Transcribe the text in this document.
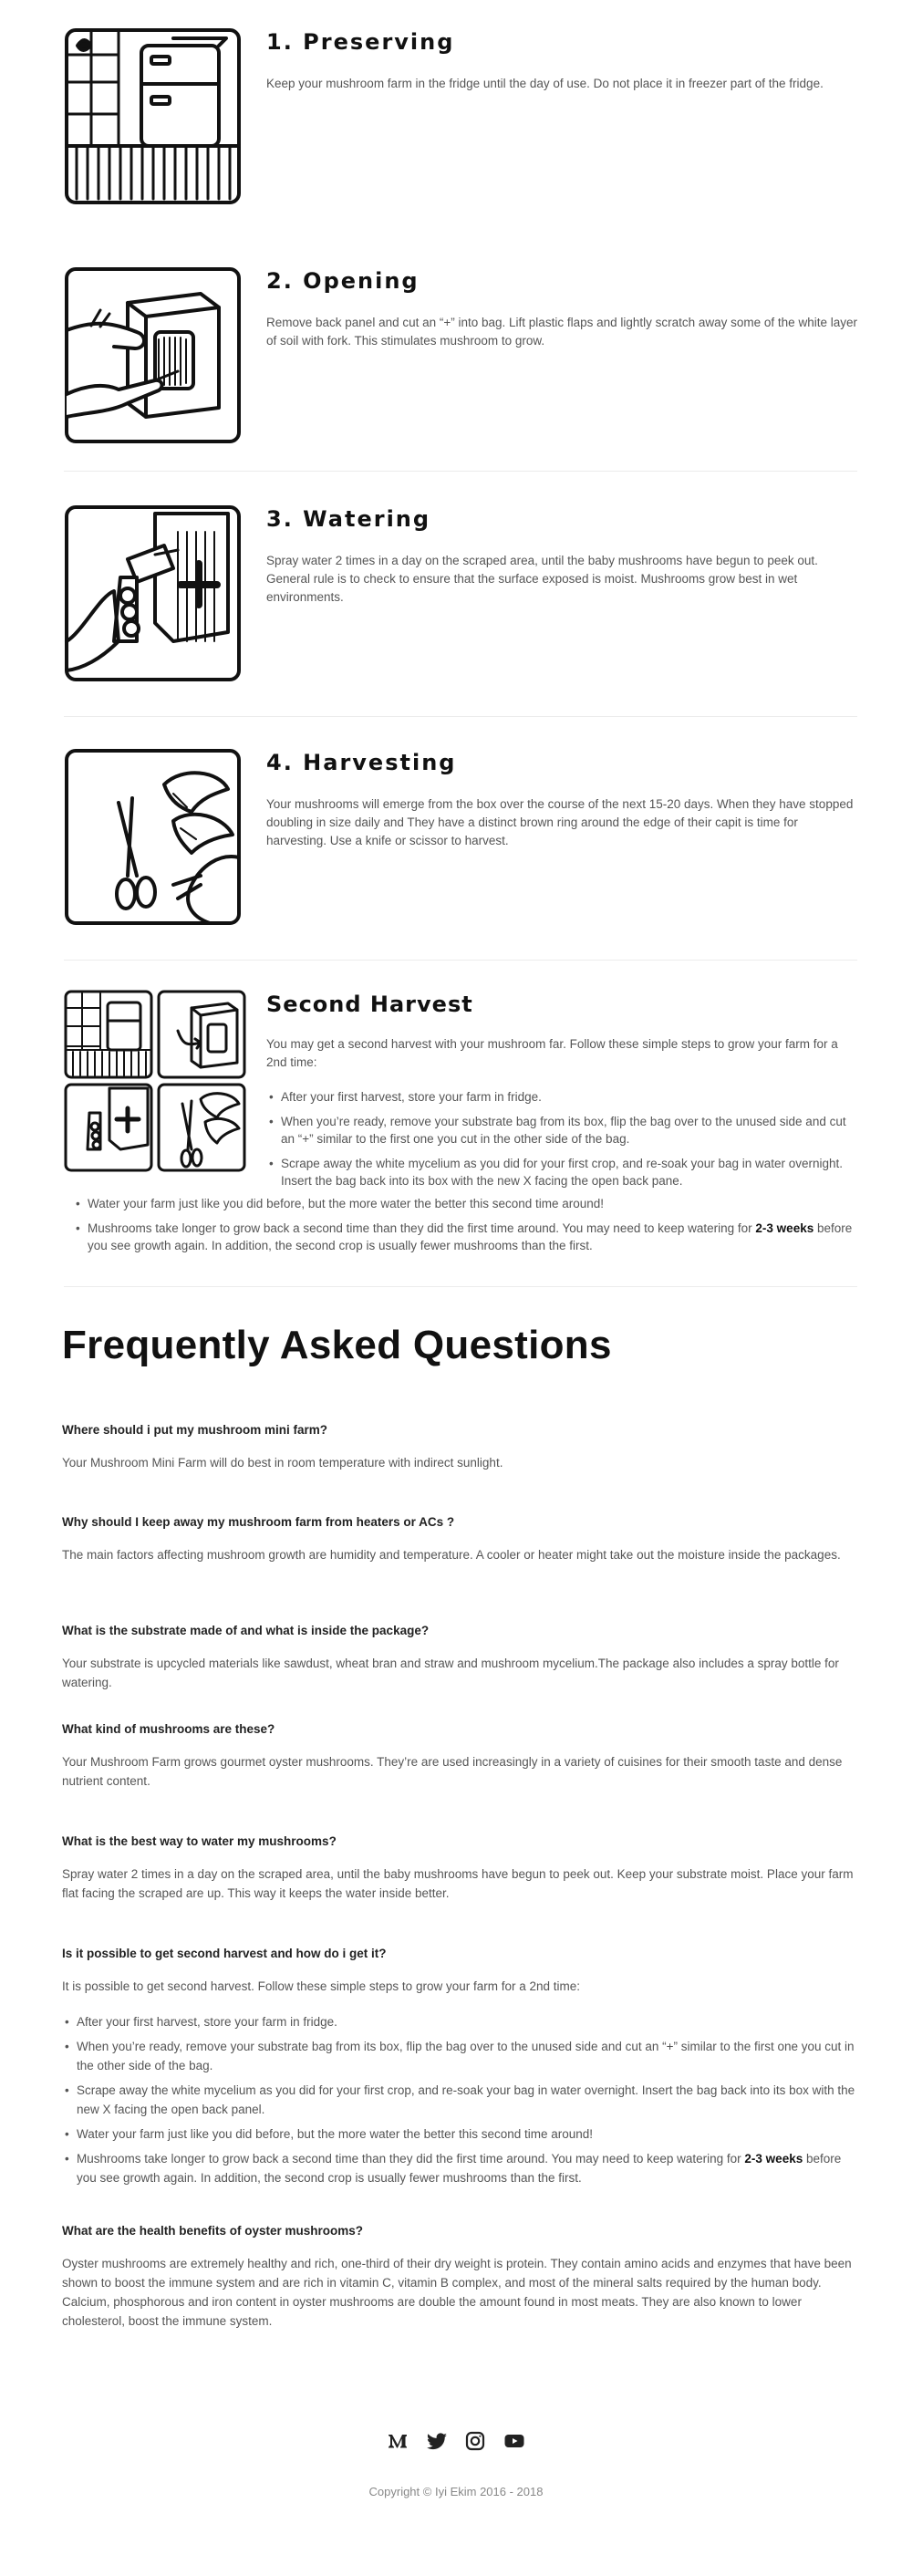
1. Preserving

Keep your mushroom farm in the fridge until the day of use. Do not place it in freezer part of the fridge.

2. Opening

Remove back panel and cut an “+” into bag. Lift plastic flaps and lightly scratch away some of the white layer of soil with fork. This stimulates mushroom to grow.

3. Watering

Spray water 2 times in a day on the scraped area, until the baby mushrooms have begun to peek out. General rule is to check to ensure that the surface exposed is moist. Mushrooms grow best in wet environments.

4. Harvesting

Your mushrooms will emerge from the box over the course of the next 15-20 days. When they have stopped doubling in size daily and They have a distinct brown ring around the edge of their capit is time for harvesting. Use a knife or scissor to harvest.

Second Harvest

You may get a second harvest with your mushroom far. Follow these simple steps to grow your farm for a 2nd time:

• After your first harvest, store your farm in fridge.
• When you’re ready, remove your substrate bag from its box, flip the bag over to the unused side and cut an “+” similar to the first one you cut in the other side of the bag.
• Scrape away the white mycelium as you did for your first crop, and re-soak your bag in water overnight. Insert the bag back into its box with the new X facing the open back pane.
• Water your farm just like you did before, but the more water the better this second time around!
• Mushrooms take longer to grow back a second time than they did the first time around. You may need to keep watering for 2-3 weeks before you see growth again. In addition, the second crop is usually fewer mushrooms than the first.
Frequently Asked Questions
Where should i put my mushroom mini farm?

Your Mushroom Mini Farm will do best in room temperature with indirect sunlight.

Why should I keep away my mushroom farm from heaters or ACs ?

The main factors affecting mushroom growth are humidity and temperature. A cooler or heater might take out the moisture inside the packages.

What is the substrate made of and what is inside the package?

Your substrate is upcycled materials like sawdust, wheat bran and straw and mushroom mycelium.The package also includes a spray bottle for watering.

What kind of mushrooms are these?

Your Mushroom Farm grows gourmet oyster mushrooms. They’re are used increasingly in a variety of cuisines for their smooth taste and dense nutrient content.

What is the best way to water my mushrooms?

Spray water 2 times in a day on the scraped area, until the baby mushrooms have begun to peek out. Keep your substrate moist. Place your farm flat facing the scraped are up. This way it keeps the water inside better.

Is it possible to get second harvest and how do i get it?

It is possible to get second harvest. Follow these simple steps to grow your farm for a 2nd time:

• After your first harvest, store your farm in fridge.
• When you’re ready, remove your substrate bag from its box, flip the bag over to the unused side and cut an “+” similar to the first one you cut in the other side of the bag.
• Scrape away the white mycelium as you did for your first crop, and re-soak your bag in water overnight. Insert the bag back into its box with the new X facing the open back panel.
• Water your farm just like you did before, but the more water the better this second time around!
• Mushrooms take longer to grow back a second time than they did the first time around. You may need to keep watering for 2-3 weeks before you see growth again. In addition, the second crop is usually fewer mushrooms than the first.
What are the health benefits of oyster mushrooms?

Oyster mushrooms are extremely healthy and rich, one-third of their dry weight is protein. They contain amino acids and enzymes that have been shown to boost the immune system and are rich in vitamin C, vitamin B complex, and most of the mineral salts required by the human body. Calcium, phosphorous and iron content in oyster mushrooms are double the amount found in most meats. They are also known to lower cholesterol, boost the immune system.

Copyright © Iyi Ekim 2016 - 2018
